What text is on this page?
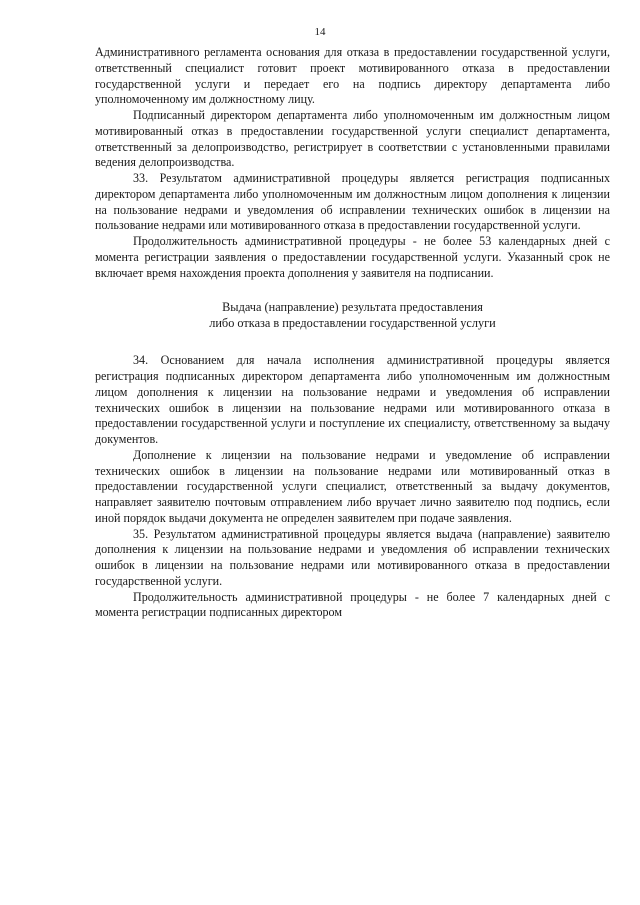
14

Административного регламента основания для отказа в предоставлении государственной услуги, ответственный специалист готовит проект мотивированного отказа в предоставлении государственной услуги и передает его на подпись директору департамента либо уполномоченному им должностному лицу.

Подписанный директором департамента либо уполномоченным им должностным лицом мотивированный отказ в предоставлении государственной услуги специалист департамента, ответственный за делопроизводство, регистрирует в соответствии с установленными правилами ведения делопроизводства.

33. Результатом административной процедуры является регистрация подписанных директором департамента либо уполномоченным им должностным лицом дополнения к лицензии на пользование недрами и уведомления об исправлении технических ошибок в лицензии на пользование недрами или мотивированного отказа в предоставлении государственной услуги.

Продолжительность административной процедуры - не более 53 календарных дней с момента регистрации заявления о предоставлении государственной услуги. Указанный срок не включает время нахождения проекта дополнения у заявителя на подписании.

Выдача (направление) результата предоставления
либо отказа в предоставлении государственной услуги

34. Основанием для начала исполнения административной процедуры является регистрация подписанных директором департамента либо уполномоченным им должностным лицом дополнения к лицензии на пользование недрами и уведомления об исправлении технических ошибок в лицензии на пользование недрами или мотивированного отказа в предоставлении государственной услуги и поступление их специалисту, ответственному за выдачу документов.

Дополнение к лицензии на пользование недрами и уведомление об исправлении технических ошибок в лицензии на пользование недрами или мотивированный отказ в предоставлении государственной услуги специалист, ответственный за выдачу документов, направляет заявителю почтовым отправлением либо вручает лично заявителю под подпись, если иной порядок выдачи документа не определен заявителем при подаче заявления.

35. Результатом административной процедуры является выдача (направление) заявителю дополнения к лицензии на пользование недрами и уведомления об исправлении технических ошибок в лицензии на пользование недрами или мотивированного отказа в предоставлении государственной услуги.

Продолжительность административной процедуры - не более 7 календарных дней с момента регистрации подписанных директором
